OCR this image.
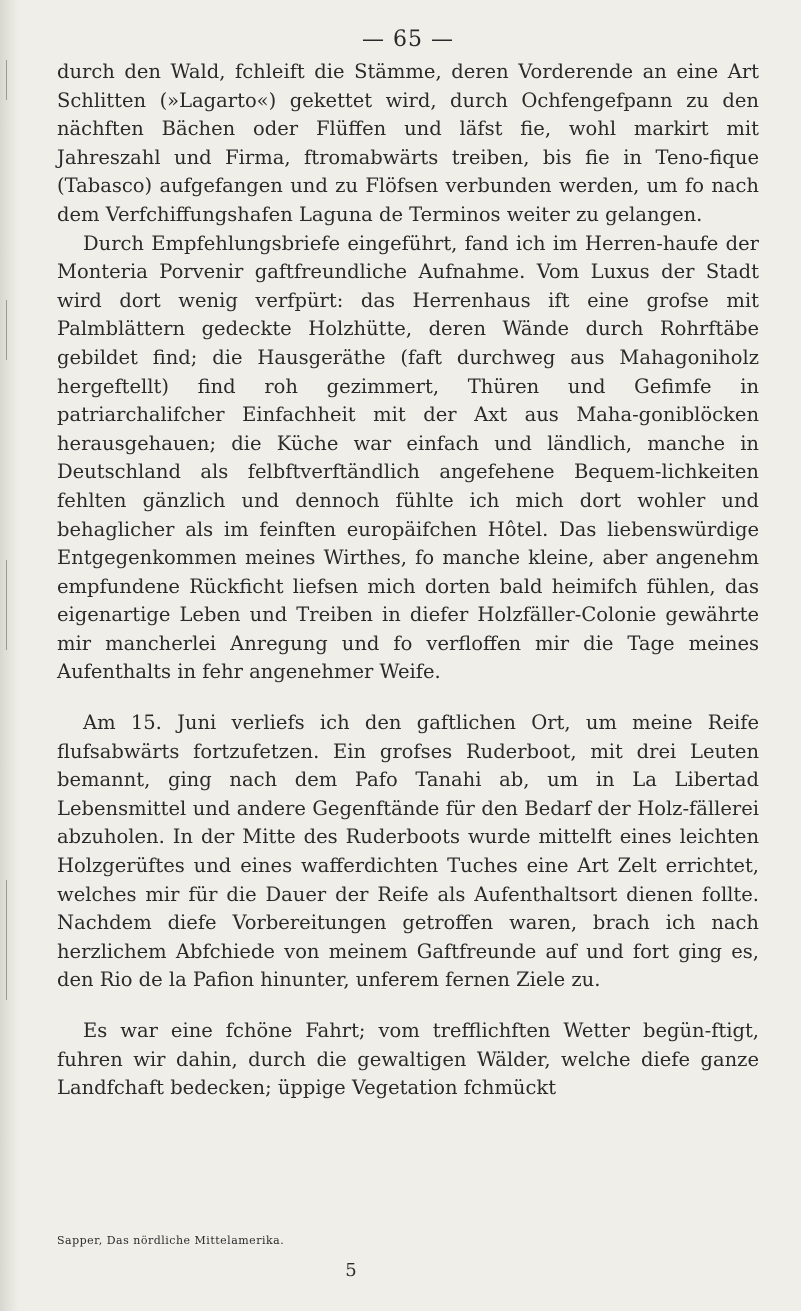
— 65 —

durch den Wald, fchleift die Stämme, deren Vorderende an eine Art Schlitten (»Lagarto«) gekettet wird, durch Ochfengefpann zu den nächften Bächen oder Flüffen und läfst fie, wohl markirt mit Jahreszahl und Firma, ftromabwärts treiben, bis fie in Teno-fique (Tabasco) aufgefangen und zu Flöfsen verbunden werden, um fo nach dem Verfchiffungshafen Laguna de Terminos weiter zu gelangen.

Durch Empfehlungsbriefe eingeführt, fand ich im Herren-haufe der Monteria Porvenir gaftfreundliche Aufnahme. Vom Luxus der Stadt wird dort wenig verfpürt: das Herrenhaus ift eine grofse mit Palmblättern gedeckte Holzhütte, deren Wände durch Rohrftäbe gebildet find; die Hausgeräthe (faft durchweg aus Mahagoniholz hergeftellt) find roh gezimmert, Thüren und Gefimfe in patriarchalifcher Einfachheit mit der Axt aus Maha-goniblöcken herausgehauen; die Küche war einfach und ländlich, manche in Deutschland als felbftverftändlich angefehene Bequem-lichkeiten fehlten gänzlich und dennoch fühlte ich mich dort wohler und behaglicher als im feinften europäifchen Hôtel. Das liebenswürdige Entgegenkommen meines Wirthes, fo manche kleine, aber angenehm empfundene Rückficht liefsen mich dorten bald heimifch fühlen, das eigenartige Leben und Treiben in diefer Holzfäller-Colonie gewährte mir mancherlei Anregung und fo verfloffen mir die Tage meines Aufenthalts in fehr angenehmer Weife.

Am 15. Juni verliefs ich den gaftlichen Ort, um meine Reife flufsabwärts fortzufetzen. Ein grofses Ruderboot, mit drei Leuten bemannt, ging nach dem Pafo Tanahi ab, um in La Libertad Lebensmittel und andere Gegenftände für den Bedarf der Holz-fällerei abzuholen. In der Mitte des Ruderboots wurde mittelft eines leichten Holzgerüftes und eines wafferdichten Tuches eine Art Zelt errichtet, welches mir für die Dauer der Reife als Aufenthaltsort dienen follte. Nachdem diefe Vorbereitungen getroffen waren, brach ich nach herzlichem Abfchiede von meinem Gaftfreunde auf und fort ging es, den Rio de la Pafion hinunter, unferem fernen Ziele zu.

Es war eine fchöne Fahrt; vom trefflichften Wetter begün-ftigt, fuhren wir dahin, durch die gewaltigen Wälder, welche diefe ganze Landfchaft bedecken; üppige Vegetation fchmückt

Sapper, Das nördliche Mittelamerika.
5
